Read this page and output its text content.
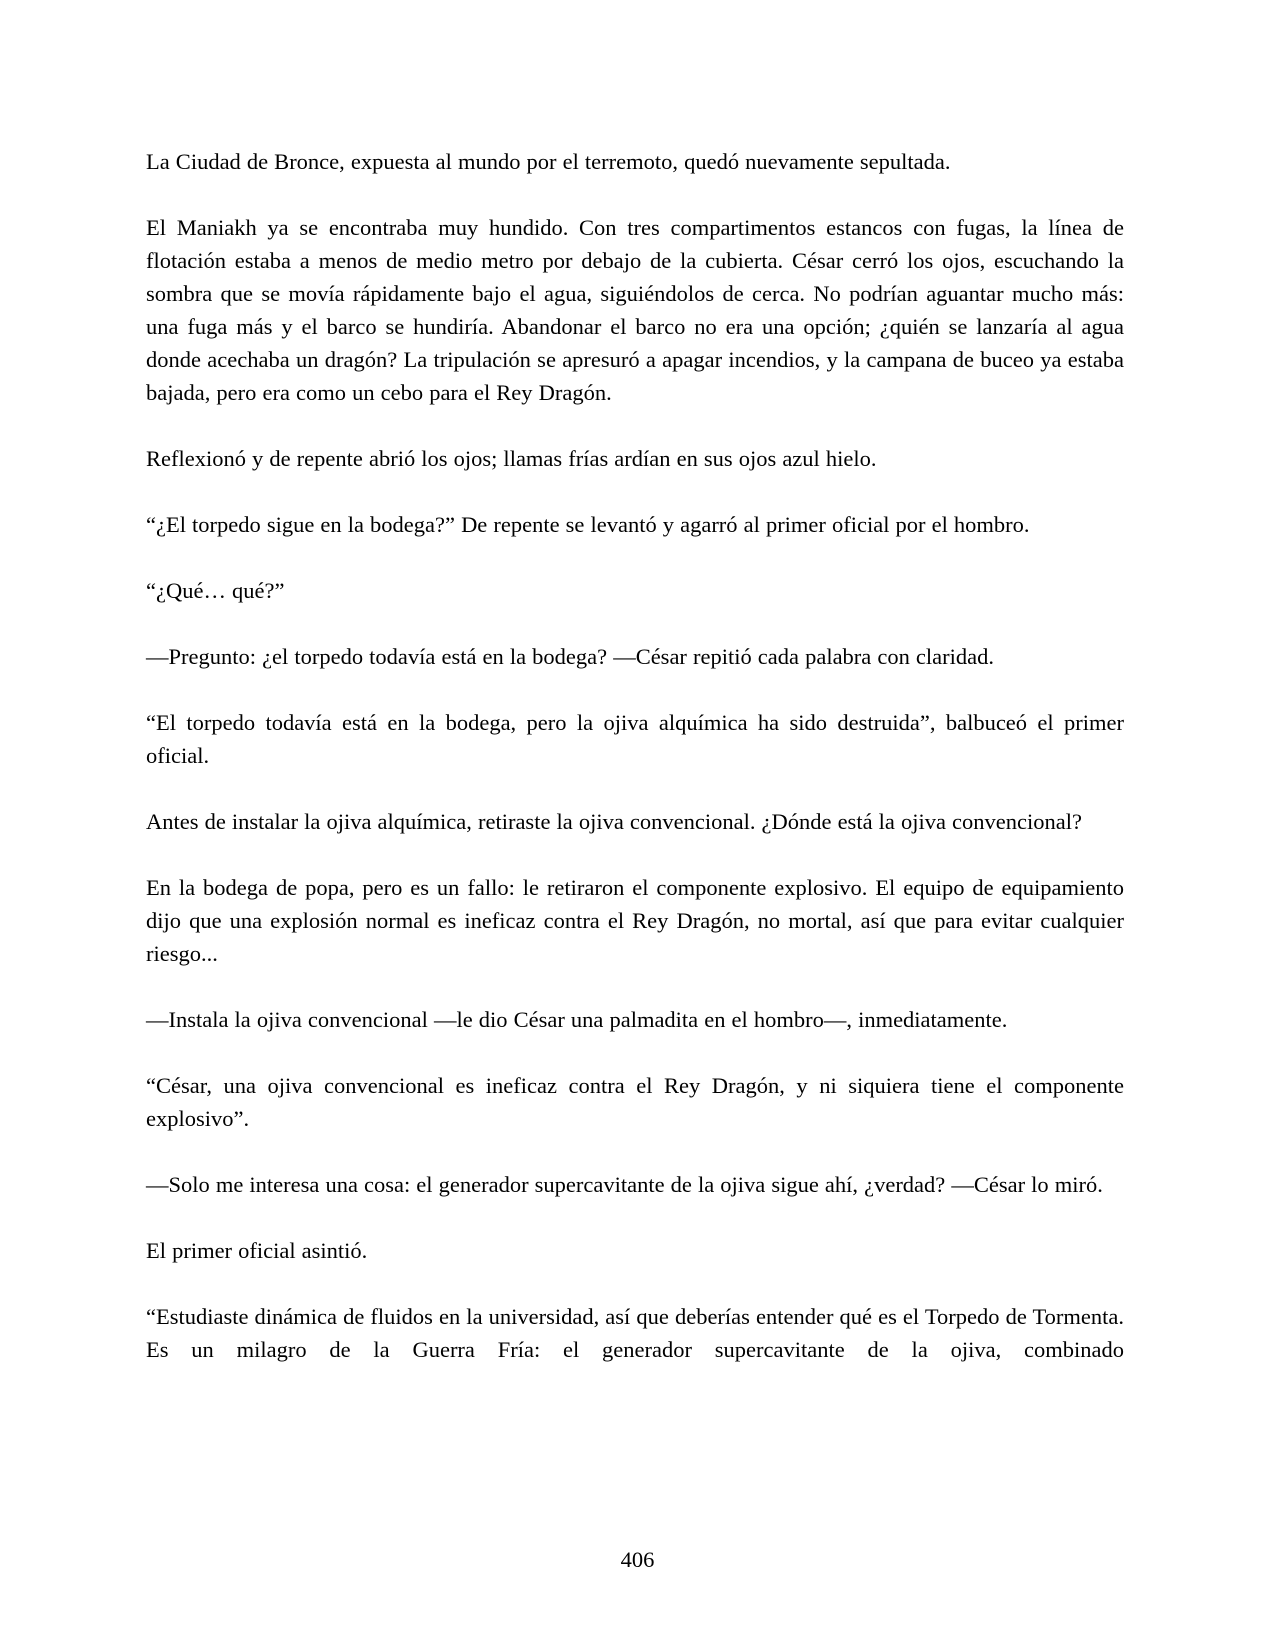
La Ciudad de Bronce, expuesta al mundo por el terremoto, quedó nuevamente sepultada.

El Maniakh ya se encontraba muy hundido. Con tres compartimentos estancos con fugas, la línea de flotación estaba a menos de medio metro por debajo de la cubierta. César cerró los ojos, escuchando la sombra que se movía rápidamente bajo el agua, siguiéndolos de cerca. No podrían aguantar mucho más: una fuga más y el barco se hundiría. Abandonar el barco no era una opción; ¿quién se lanzaría al agua donde acechaba un dragón? La tripulación se apresuró a apagar incendios, y la campana de buceo ya estaba bajada, pero era como un cebo para el Rey Dragón.

Reflexionó y de repente abrió los ojos; llamas frías ardían en sus ojos azul hielo.

“¿El torpedo sigue en la bodega?” De repente se levantó y agarró al primer oficial por el hombro.

“¿Qué… qué?”

—Pregunto: ¿el torpedo todavía está en la bodega? —César repitió cada palabra con claridad.

“El torpedo todavía está en la bodega, pero la ojiva alquímica ha sido destruida”, balbuceó el primer oficial.

Antes de instalar la ojiva alquímica, retiraste la ojiva convencional. ¿Dónde está la ojiva convencional?

En la bodega de popa, pero es un fallo: le retiraron el componente explosivo. El equipo de equipamiento dijo que una explosión normal es ineficaz contra el Rey Dragón, no mortal, así que para evitar cualquier riesgo...

—Instala la ojiva convencional —le dio César una palmadita en el hombro—, inmediatamente.

“César, una ojiva convencional es ineficaz contra el Rey Dragón, y ni siquiera tiene el componente explosivo”.

—Solo me interesa una cosa: el generador supercavitante de la ojiva sigue ahí, ¿verdad? —César lo miró.

El primer oficial asintió.

“Estudiaste dinámica de fluidos en la universidad, así que deberías entender qué es el Torpedo de Tormenta. Es un milagro de la Guerra Fría: el generador supercavitante de la ojiva, combinado

406
